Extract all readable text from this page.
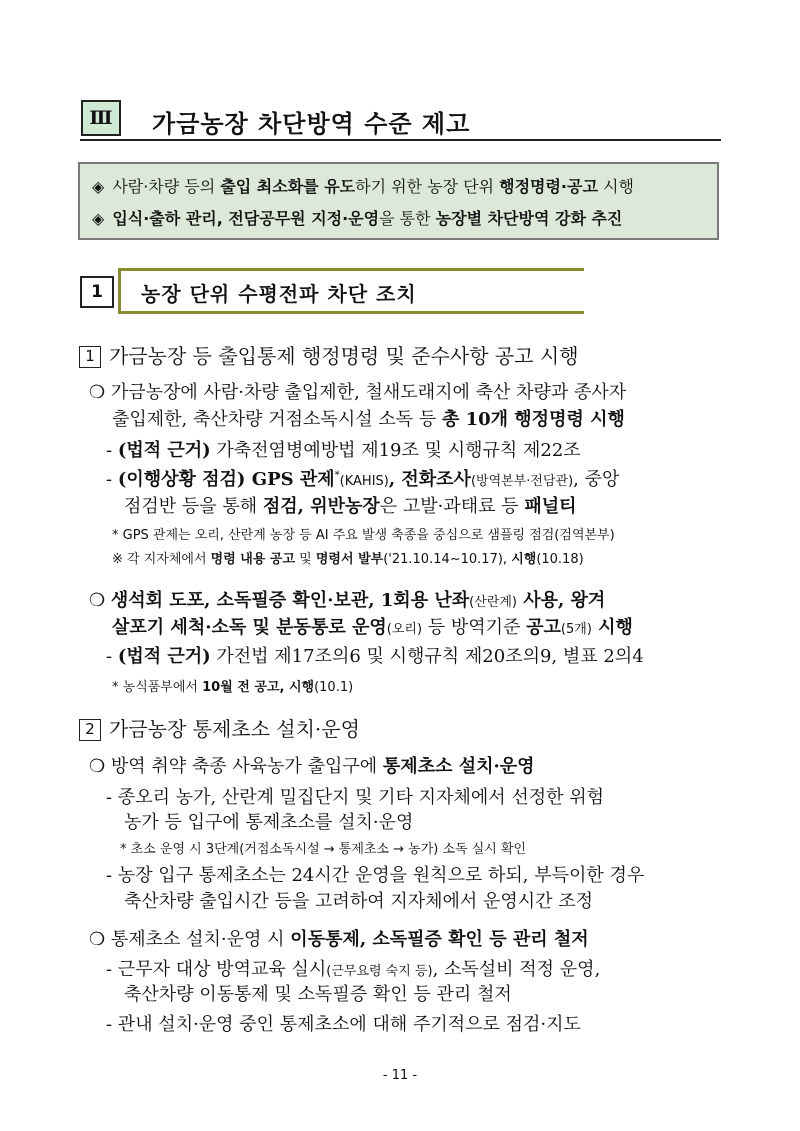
Ⅲ 가금농장 차단방역 수준 제고
◈ 사람·차량 등의 출입 최소화를 유도하기 위한 농장 단위 행정명령·공고 시행
◈ 입식·출하 관리, 전담공무원 지정·운영을 통한 농장별 차단방역 강화 추진
1 농장 단위 수평전파 차단 조치
1 가금농장 등 출입통제 행정명령 및 준수사항 공고 시행
❍ 가금농장에 사람·차량 출입제한, 철새도래지에 축산 차량과 종사자
출입제한, 축산차량 거점소독시설 소독 등 총 10개 행정명령 시행
- (법적 근거) 가축전염병예방법 제19조 및 시행규칙 제22조
- (이행상황 점검) GPS 관제*(KAHIS), 전화조사(방역본부·전담관), 중앙
점검반 등을 통해 점검, 위반농장은 고발·과태료 등 패널티
* GPS 관제는 오리, 산란계 농장 등 AI 주요 발생 축종을 중심으로 샘플링 점검(검역본부)
※ 각 지자체에서 명령 내용 공고 및 명령서 발부('21.10.14∼10.17), 시행(10.18)
❍ 생석회 도포, 소독필증 확인·보관, 1회용 난좌(산란계) 사용, 왕겨
살포기 세척·소독 및 분동통로 운영(오리) 등 방역기준 공고(5개) 시행
- (법적 근거) 가전법 제17조의6 및 시행규칙 제20조의9, 별표 2의4
* 농식품부에서 10월 전 공고, 시행(10.1)
2 가금농장 통제초소 설치·운영
❍ 방역 취약 축종 사육농가 출입구에 통제초소 설치·운영
- 종오리 농가, 산란계 밀집단지 및 기타 지자체에서 선정한 위험
농가 등 입구에 통제초소를 설치·운영
* 초소 운영 시 3단계(거점소독시설 → 통제초소 → 농가) 소독 실시 확인
- 농장 입구 통제초소는 24시간 운영을 원칙으로 하되, 부득이한 경우
축산차량 출입시간 등을 고려하여 지자체에서 운영시간 조정
❍ 통제초소 설치·운영 시 이동통제, 소독필증 확인 등 관리 철저
- 근무자 대상 방역교육 실시(근무요령 숙지 등), 소독설비 적정 운영,
축산차량 이동통제 및 소독필증 확인 등 관리 철저
- 관내 설치·운영 중인 통제초소에 대해 주기적으로 점검·지도
- 11 -
